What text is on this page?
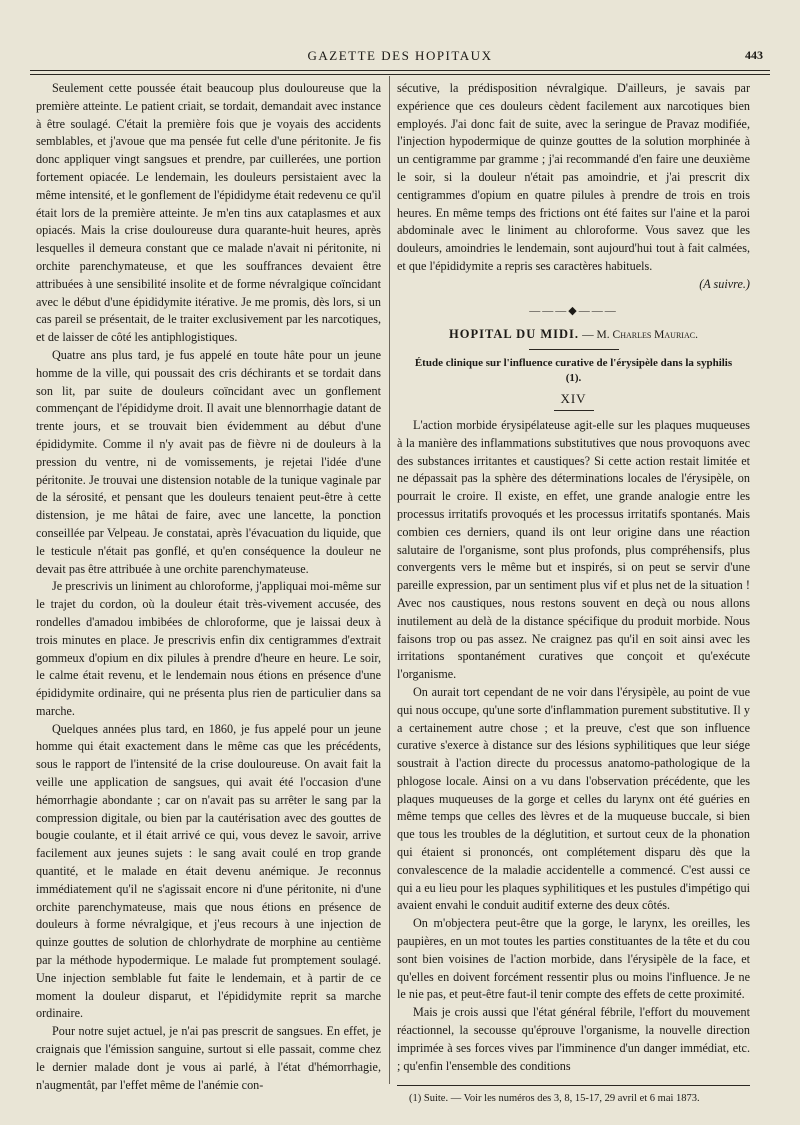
GAZETTE DES HOPITAUX	443

Seulement cette poussée était beaucoup plus douloureuse que la première atteinte. Le patient criait, se tordait, demandait avec instance à être soulagé. C'était la première fois que je voyais des accidents semblables, et j'avoue que ma pensée fut celle d'une péritonite. Je fis donc appliquer vingt sangsues et prendre, par cuillerées, une portion fortement opiacée. Le lendemain, les douleurs persistaient avec la même intensité, et le gonflement de l'épididyme était redevenu ce qu'il était lors de la première atteinte. Je m'en tins aux cataplasmes et aux opiacés. Mais la crise douloureuse dura quarante-huit heures, après lesquelles il demeura constant que ce malade n'avait ni péritonite, ni orchite parenchymateuse, et que les souffrances devaient être attribuées à une sensibilité insolite et de forme névralgique coïncidant avec le début d'une épididymite itérative. Je me promis, dès lors, si un cas pareil se présentait, de le traiter exclusivement par les narcotiques, et de laisser de côté les antiphlogistiques.

Quatre ans plus tard, je fus appelé en toute hâte pour un jeune homme de la ville, qui poussait des cris déchirants et se tordait dans son lit, par suite de douleurs coïncidant avec un gonflement commençant de l'épididyme droit. Il avait une blennorrhagie datant de trente jours, et se trouvait bien évidemment au début d'une épididymite. Comme il n'y avait pas de fièvre ni de douleurs à la pression du ventre, ni de vomissements, je rejetai l'idée d'une péritonite. Je trouvai une distension notable de la tunique vaginale par de la sérosité, et pensant que les douleurs tenaient peut-être à cette distension, je me hâtai de faire, avec une lancette, la ponction conseillée par Velpeau. Je constatai, après l'évacuation du liquide, que le testicule n'était pas gonflé, et qu'en conséquence la douleur ne devait pas être attribuée à une orchite parenchymateuse.

Je prescrivis un liniment au chloroforme, j'appliquai moi-même sur le trajet du cordon, où la douleur était très-vivement accusée, des rondelles d'amadou imbibées de chloroforme, que je laissai deux à trois minutes en place. Je prescrivis enfin dix centigrammes d'extrait gommeux d'opium en dix pilules à prendre d'heure en heure. Le soir, le calme était revenu, et le lendemain nous étions en présence d'une épididymite ordinaire, qui ne présenta plus rien de particulier dans sa marche.

Quelques années plus tard, en 1860, je fus appelé pour un jeune homme qui était exactement dans le même cas que les précédents, sous le rapport de l'intensité de la crise douloureuse. On avait fait la veille une application de sangsues, qui avait été l'occasion d'une hémorrhagie abondante ; car on n'avait pas su arrêter le sang par la compression digitale, ou bien par la cautérisation avec des gouttes de bougie coulante, et il était arrivé ce qui, vous devez le savoir, arrive facilement aux jeunes sujets : le sang avait coulé en trop grande quantité, et le malade en était devenu anémique. Je reconnus immédiatement qu'il ne s'agissait encore ni d'une péritonite, ni d'une orchite parenchymateuse, mais que nous étions en présence de douleurs à forme névralgique, et j'eus recours à une injection de quinze gouttes de solution de chlorhydrate de morphine au centième par la méthode hypodermique. Le malade fut promptement soulagé. Une injection semblable fut faite le lendemain, et à partir de ce moment la douleur disparut, et l'épididymite reprit sa marche ordinaire.

Pour notre sujet actuel, je n'ai pas prescrit de sangsues. En effet, je craignais que l'émission sanguine, surtout si elle passait, comme chez le dernier malade dont je vous ai parlé, à l'état d'hémorrhagie, n'augmentât, par l'effet même de l'anémie con-

sécutive, la prédisposition névralgique. D'ailleurs, je savais par expérience que ces douleurs cèdent facilement aux narcotiques bien employés. J'ai donc fait de suite, avec la seringue de Pravaz modifiée, l'injection hypodermique de quinze gouttes de la solution morphinée à un centigramme par gramme ; j'ai recommandé d'en faire une deuxième le soir, si la douleur n'était pas amoindrie, et j'ai prescrit dix centigrammes d'opium en quatre pilules à prendre de trois en trois heures. En même temps des frictions ont été faites sur l'aine et la paroi abdominale avec le liniment au chloroforme. Vous savez que les douleurs, amoindries le lendemain, sont aujourd'hui tout à fait calmées, et que l'épididymite a repris ses caractères habituels.

(A suivre.)

———◆———
HOPITAL DU MIDI. — M. Charles Mauriac.
Étude clinique sur l'influence curative de l'érysipèle dans la syphilis (1).
XIV

L'action morbide érysipélateuse agit-elle sur les plaques muqueuses à la manière des inflammations substitutives que nous provoquons avec des substances irritantes et caustiques? Si cette action restait limitée et ne dépassait pas la sphère des déterminations locales de l'érysipèle, on pourrait le croire. Il existe, en effet, une grande analogie entre les processus irritatifs provoqués et les processus irritatifs spontanés. Mais combien ces derniers, quand ils ont leur origine dans une réaction salutaire de l'organisme, sont plus profonds, plus compréhensifs, plus convergents vers le même but et inspirés, si on peut se servir d'une pareille expression, par un sentiment plus vif et plus net de la situation ! Avec nos caustiques, nous restons souvent en deçà ou nous allons inutilement au delà de la distance spécifique du produit morbide. Nous faisons trop ou pas assez. Ne craignez pas qu'il en soit ainsi avec les irritations spontanément curatives que conçoit et qu'exécute l'organisme.

On aurait tort cependant de ne voir dans l'érysipèle, au point de vue qui nous occupe, qu'une sorte d'inflammation purement substitutive. Il y a certainement autre chose ; et la preuve, c'est que son influence curative s'exerce à distance sur des lésions syphilitiques que leur siége soustrait à l'action directe du processus anatomo-pathologique de la phlogose locale. Ainsi on a vu dans l'observation précédente, que les plaques muqueuses de la gorge et celles du larynx ont été guéries en même temps que celles des lèvres et de la muqueuse buccale, si bien que tous les troubles de la déglutition, et surtout ceux de la phonation qui étaient si prononcés, ont complétement disparu dès que la convalescence de la maladie accidentelle a commencé. C'est aussi ce qui a eu lieu pour les plaques syphilitiques et les pustules d'impétigo qui avaient envahi le conduit auditif externe des deux côtés.

On m'objectera peut-être que la gorge, le larynx, les oreilles, les paupières, en un mot toutes les parties constituantes de la tête et du cou sont bien voisines de l'action morbide, dans l'érysipèle de la face, et qu'elles en doivent forcément ressentir plus ou moins l'influence. Je ne le nie pas, et peut-être faut-il tenir compte des effets de cette proximité.

Mais je crois aussi que l'état général fébrile, l'effort du mouvement réactionnel, la secousse qu'éprouve l'organisme, la nouvelle direction imprimée à ses forces vives par l'imminence d'un danger immédiat, etc. ; qu'enfin l'ensemble des conditions

(1) Suite. — Voir les numéros des 3, 8, 15-17, 29 avril et 6 mai 1873.
